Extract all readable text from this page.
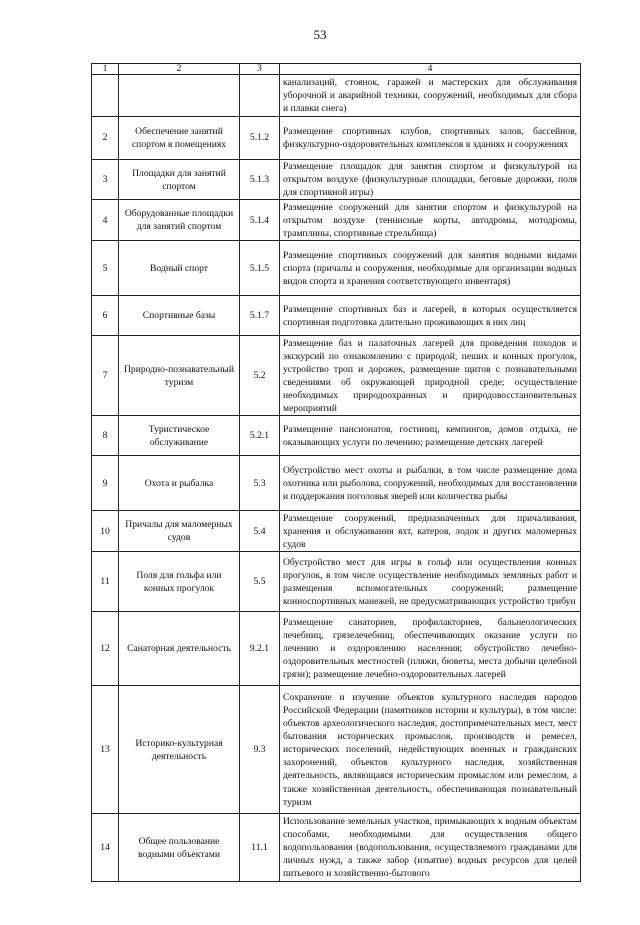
53
1	2	3	4
			канализаций, стоянок, гаражей и мастерских для обслуживания уборочной и аварийной техники, сооружений, необходимых для сбора и плавки снега)
2	Обеспечение занятий спортом в помещениях	5.1.2	Размещение спортивных клубов, спортивных залов, бассейнов, физкультурно-оздоровительных комплексов в зданиях и сооружениях
3	Площадки для занятий спортом	5.1.3	Размещение площадок для занятия спортом и физкультурой на открытом воздухе (физкультурные площадки, беговые дорожки, поля для спортивной игры)
4	Оборудованные площадки для занятий спортом	5.1.4	Размещение сооружений для занятия спортом и физкультурой на открытом воздухе (теннисные корты, автодромы, мотодромы, трамплины, спортивные стрельбища)
5	Водный спорт	5.1.5	Размещение спортивных сооружений для занятия водными видами спорта (причалы и сооружения, необходимые для организации водных видов спорта и хранения соответствующего инвентаря)
6	Спортивные базы	5.1.7	Размещение спортивных баз и лагерей, в которых осуществляется спортивная подготовка длительно проживающих в них лиц
7	Природно-познавательный туризм	5.2	Размещение баз и палаточных лагерей для проведения походов и экскурсий по ознакомлению с природой, пеших и конных прогулок, устройство троп и дорожек, размещение щитов с познавательными сведениями об окружающей природной среде; осуществление необходимых природоохранных и природовосстановительных мероприятий
8	Туристическое обслуживание	5.2.1	Размещение пансионатов, гостиниц, кемпингов, домов отдыха, не оказывающих услуги по лечению; размещение детских лагерей
9	Охота и рыбалка	5.3	Обустройство мест охоты и рыбалки, в том числе размещение дома охотника или рыболова, сооружений, необходимых для восстановления и поддержания поголовья зверей или количества рыбы
10	Причалы для маломерных судов	5.4	Размещение сооружений, предназначенных для причаливания, хранения и обслуживания яхт, катеров, лодок и других маломерных судов
11	Поля для гольфа или конных прогулок	5.5	Обустройство мест для игры в гольф или осуществления конных прогулок, в том числе осуществление необходимых земляных работ и размещения вспомогательных сооружений; размещение конноспортивных манежей, не предусматривающих устройство трибун
12	Санаторная деятельность	9.2.1	Размещение санаториев, профилакториев, бальнеологических лечебниц, грязелечебниц, обеспечивающих оказание услуги по лечению и оздоровлению населения; обустройство лечебно-оздоровительных местностей (пляжи, бюветы, места добычи целебной грязи); размещение лечебно-оздоровительных лагерей
13	Историко-культурная деятельность	9.3	Сохранение и изучение объектов культурного наследия народов Российской Федерации (памятников истории и культуры), в том числе: объектов археологического наследия, достопримечательных мест, мест бытования исторических промыслов, производств и ремесел, исторических поселений, недействующих военных и гражданских захоронений, объектов культурного наследия, хозяйственная деятельность, являющаяся историческим промыслом или ремеслом, а также хозяйственная деятельность, обеспечивающая познавательный туризм
14	Общее пользование водными объектами	11.1	Использование земельных участков, примыкающих к водным объектам способами, необходимыми для осуществления общего водопользования (водопользования, осуществляемого гражданами для личных нужд, а также забор (изъятие) водных ресурсов для целей питьевого и хозяйственно-бытового
